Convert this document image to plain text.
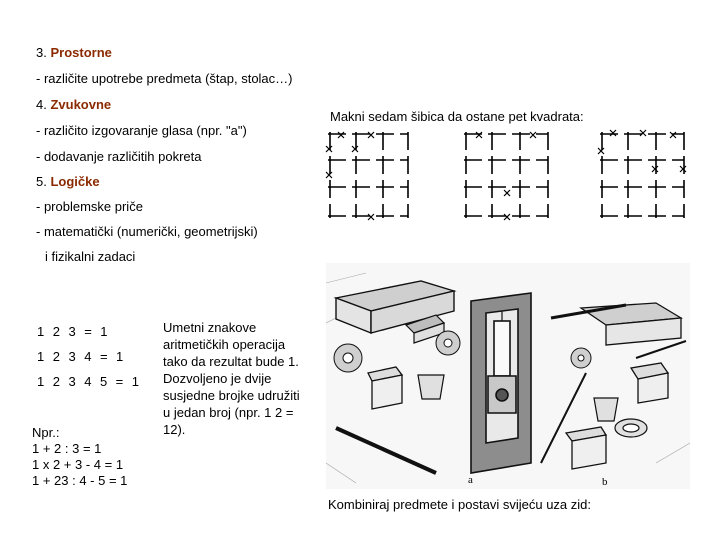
3. Prostorne
- različite upotrebe predmeta (štap, stolac…)
4. Zvukovne
- različito izgovaranje glasa (npr. "a")
- dodavanje različitih pokreta
5. Logičke
- problemske priče
- matematički (numerički, geometrijski)
i fizikalni zadaci
1 2 3 = 1
1 2 3 4 = 1
1 2 3 4 5 = 1
Npr.:
1 + 2 : 3 = 1
1 x 2 + 3 - 4 = 1
1 + 23 : 4 - 5 = 1
Umetni znakove aritmetičkih operacija tako da rezultat bude 1. Dozvoljeno je dvije susjedne brojke udružiti u jedan broj (npr. 1 2 = 12).
Makni sedam šibica da ostane pet kvadrata:
a	b
Kombiniraj predmete i postavi svijeću uza zid:
